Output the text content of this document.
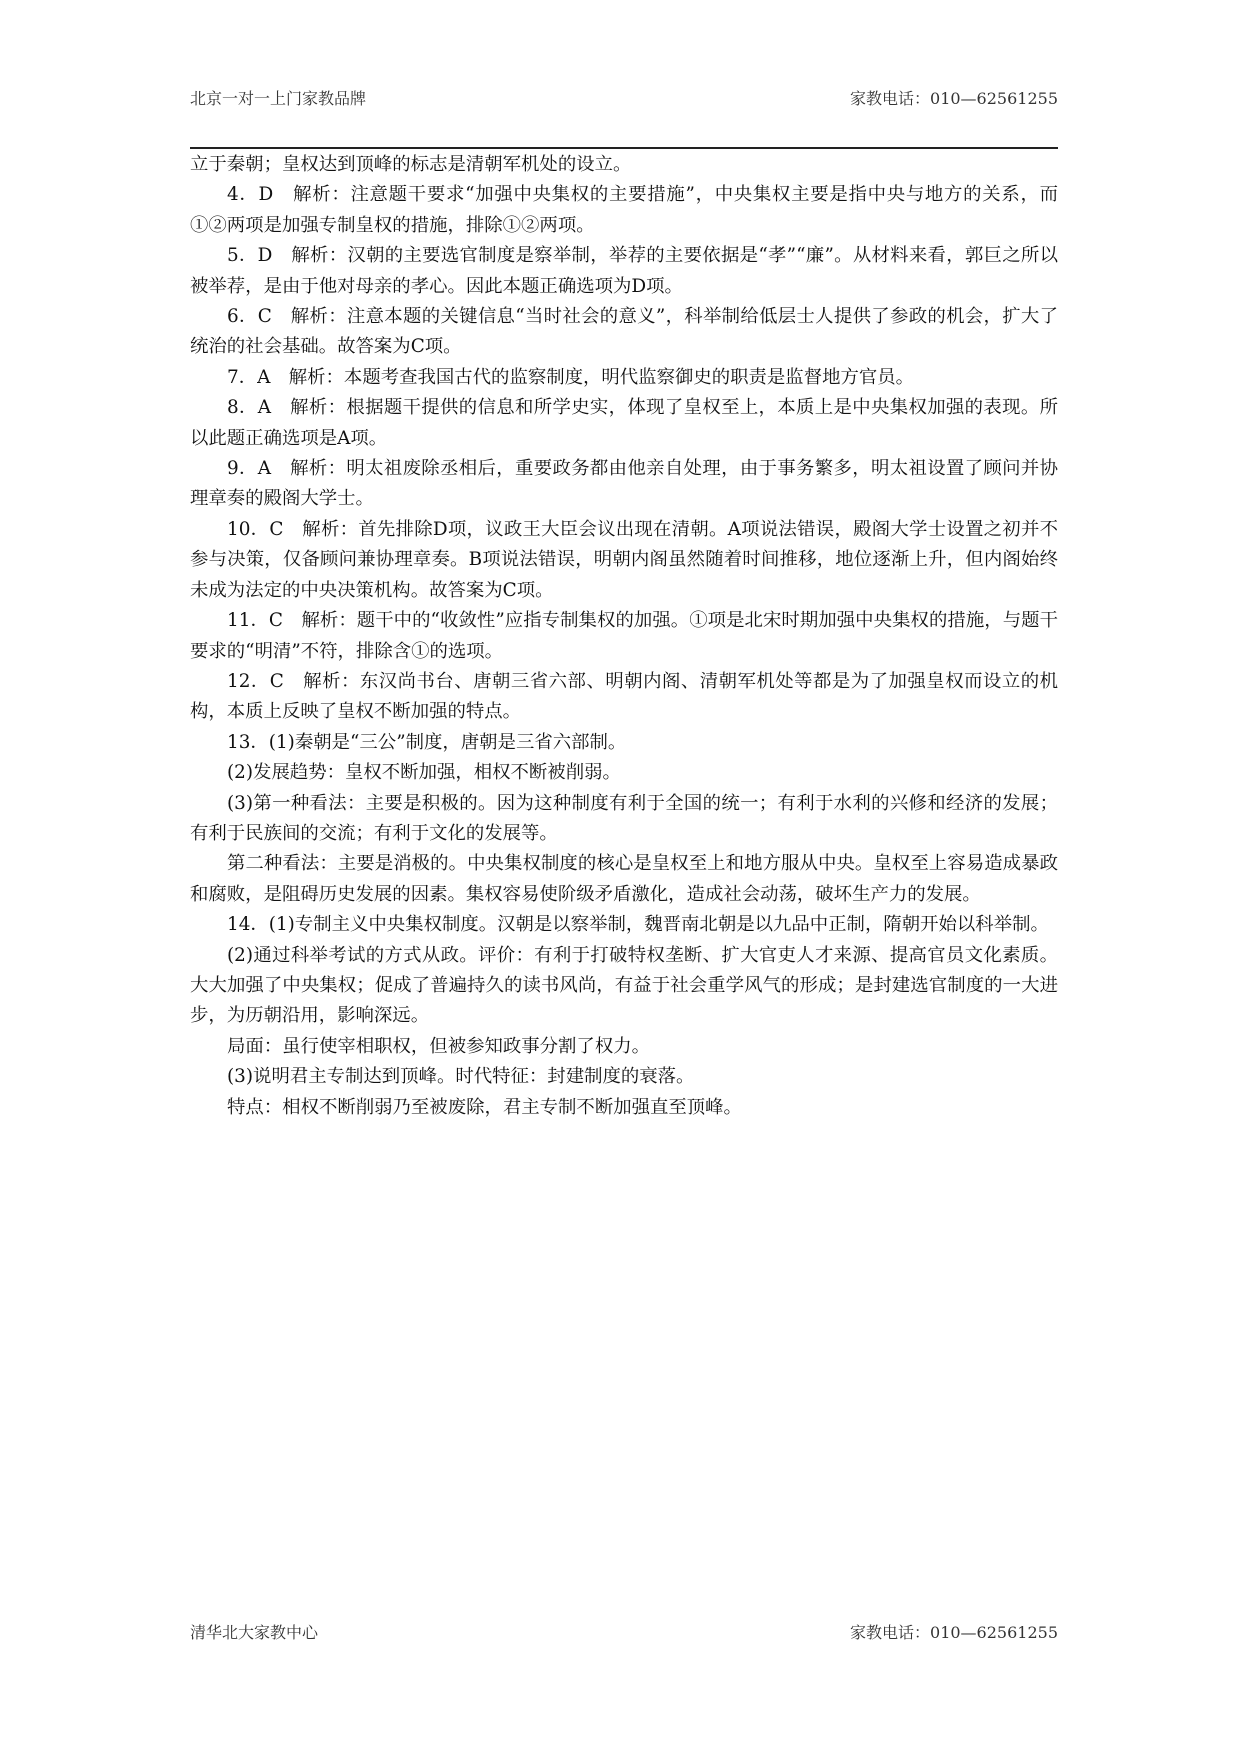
北京一对一上门家教品牌	家教电话：010—62561255

立于秦朝；皇权达到顶峰的标志是清朝军机处的设立。

4．D　解析：注意题干要求“加强中央集权的主要措施”，中央集权主要是指中央与地方的关系，而①②两项是加强专制皇权的措施，排除①②两项。

5．D　解析：汉朝的主要选官制度是察举制，举荐的主要依据是“孝”“廉”。从材料来看，郭巨之所以被举荐，是由于他对母亲的孝心。因此本题正确选项为D项。

6．C　解析：注意本题的关键信息“当时社会的意义”，科举制给低层士人提供了参政的机会，扩大了统治的社会基础。故答案为C项。

7．A　解析：本题考查我国古代的监察制度，明代监察御史的职责是监督地方官员。

8．A　解析：根据题干提供的信息和所学史实，体现了皇权至上，本质上是中央集权加强的表现。所以此题正确选项是A项。

9．A　解析：明太祖废除丞相后，重要政务都由他亲自处理，由于事务繁多，明太祖设置了顾问并协理章奏的殿阁大学士。

10．C　解析：首先排除D项，议政王大臣会议出现在清朝。A项说法错误，殿阁大学士设置之初并不参与决策，仅备顾问兼协理章奏。B项说法错误，明朝内阁虽然随着时间推移，地位逐渐上升，但内阁始终未成为法定的中央决策机构。故答案为C项。

11．C　解析：题干中的“收敛性”应指专制集权的加强。①项是北宋时期加强中央集权的措施，与题干要求的“明清”不符，排除含①的选项。

12．C　解析：东汉尚书台、唐朝三省六部、明朝内阁、清朝军机处等都是为了加强皇权而设立的机构，本质上反映了皇权不断加强的特点。

13．(1)秦朝是“三公”制度，唐朝是三省六部制。

(2)发展趋势：皇权不断加强，相权不断被削弱。

(3)第一种看法：主要是积极的。因为这种制度有利于全国的统一；有利于水利的兴修和经济的发展；有利于民族间的交流；有利于文化的发展等。

第二种看法：主要是消极的。中央集权制度的核心是皇权至上和地方服从中央。皇权至上容易造成暴政和腐败，是阻碍历史发展的因素。集权容易使阶级矛盾激化，造成社会动荡，破坏生产力的发展。

14．(1)专制主义中央集权制度。汉朝是以察举制，魏晋南北朝是以九品中正制，隋朝开始以科举制。

(2)通过科举考试的方式从政。评价：有利于打破特权垄断、扩大官吏人才来源、提高官员文化素质。大大加强了中央集权；促成了普遍持久的读书风尚，有益于社会重学风气的形成；是封建选官制度的一大进步，为历朝沿用，影响深远。

局面：虽行使宰相职权，但被参知政事分割了权力。

(3)说明君主专制达到顶峰。时代特征：封建制度的衰落。

特点：相权不断削弱乃至被废除，君主专制不断加强直至顶峰。

清华北大家教中心	家教电话：010—62561255
